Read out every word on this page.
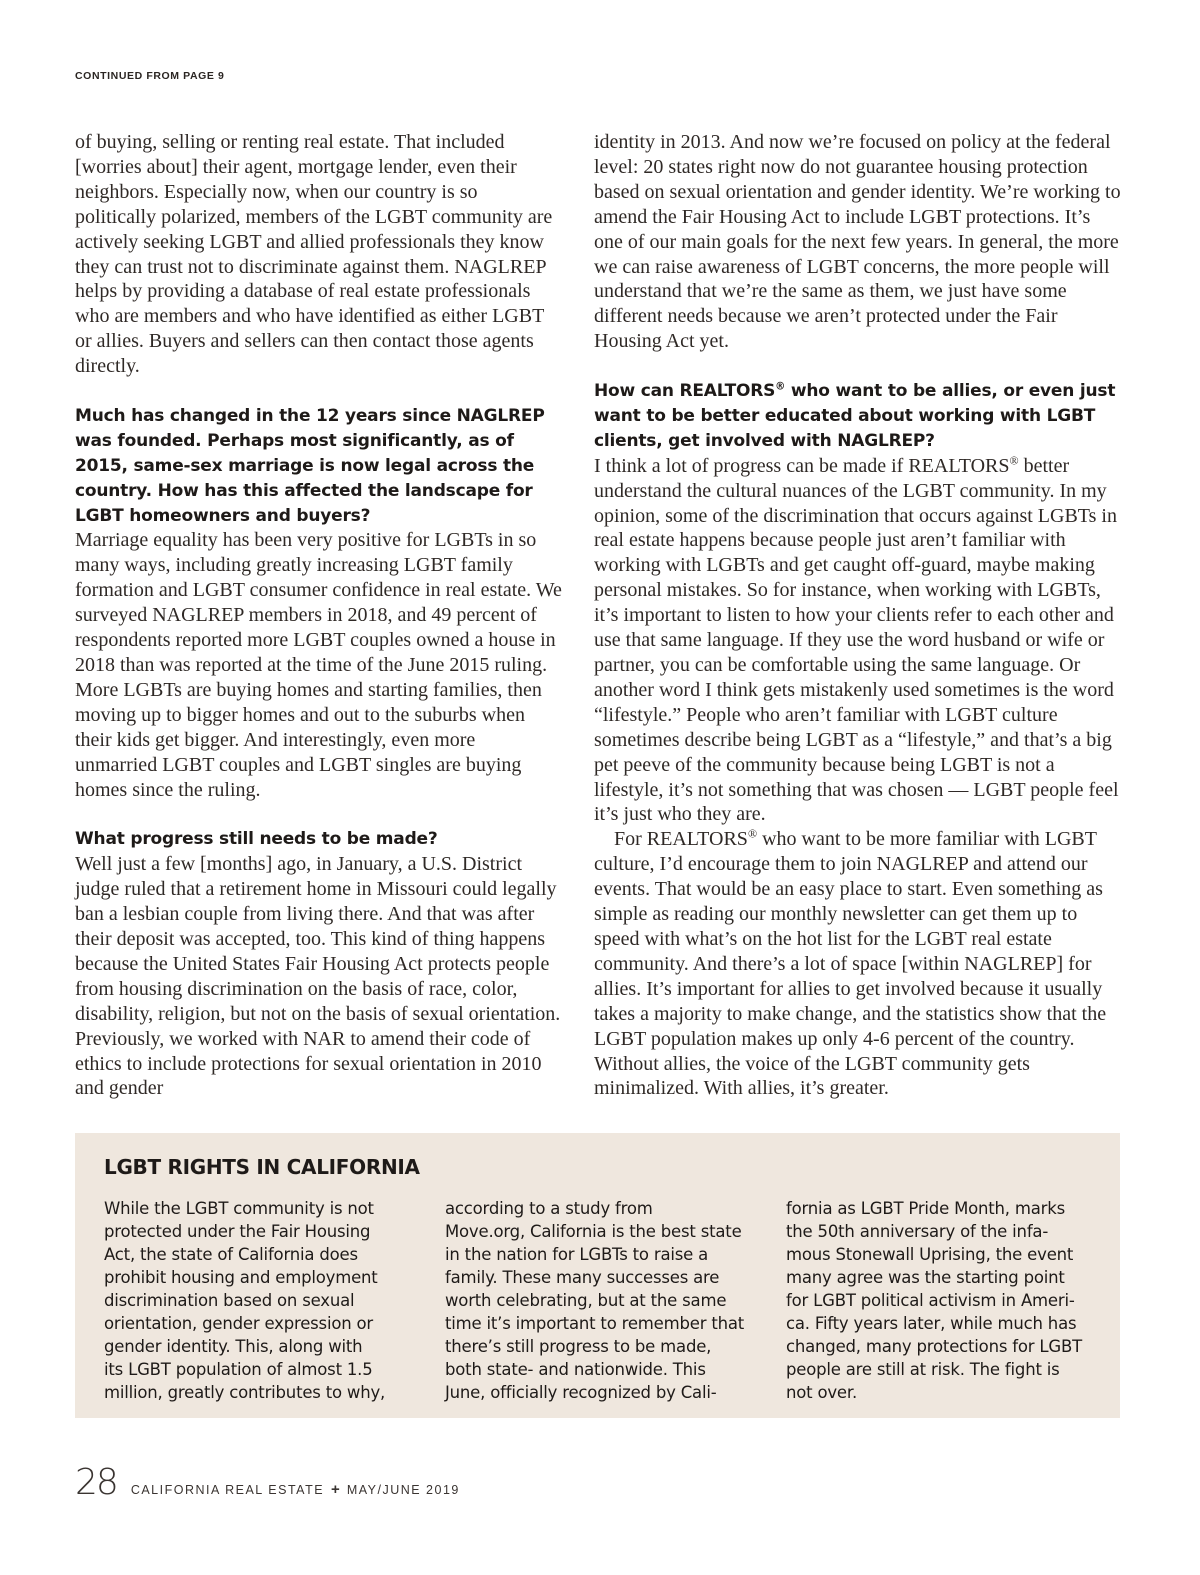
CONTINUED FROM PAGE 9

of buying, selling or renting real estate. That included [worries about] their agent, mortgage lender, even their neighbors. Especially now, when our country is so politically polarized, members of the LGBT community are actively seeking LGBT and allied professionals they know they can trust not to discriminate against them. NAGLREP helps by providing a database of real estate professionals who are members and who have identified as either LGBT or allies. Buyers and sellers can then contact those agents directly.

Much has changed in the 12 years since NAGLREP was founded. Perhaps most significantly, as of 2015, same-sex marriage is now legal across the country. How has this affected the landscape for LGBT homeowners and buyers?

Marriage equality has been very positive for LGBTs in so many ways, including greatly increasing LGBT family formation and LGBT consumer confidence in real estate. We surveyed NAGLREP members in 2018, and 49 percent of respondents reported more LGBT couples owned a house in 2018 than was reported at the time of the June 2015 ruling. More LGBTs are buying homes and starting families, then moving up to bigger homes and out to the suburbs when their kids get bigger. And interestingly, even more unmarried LGBT couples and LGBT singles are buying homes since the ruling.

What progress still needs to be made?

Well just a few [months] ago, in January, a U.S. District judge ruled that a retirement home in Missouri could legally ban a lesbian couple from living there. And that was after their deposit was accepted, too. This kind of thing happens because the United States Fair Housing Act protects people from housing discrimination on the basis of race, color, disability, religion, but not on the basis of sexual orientation. Previously, we worked with NAR to amend their code of ethics to include protections for sexual orientation in 2010 and gender

identity in 2013. And now we’re focused on policy at the federal level: 20 states right now do not guarantee housing protection based on sexual orientation and gender identity. We’re working to amend the Fair Housing Act to include LGBT protections. It’s one of our main goals for the next few years. In general, the more we can raise awareness of LGBT concerns, the more people will understand that we’re the same as them, we just have some different needs because we aren’t protected under the Fair Housing Act yet.

How can REALTORS® who want to be allies, or even just want to be better educated about working with LGBT clients, get involved with NAGLREP?

I think a lot of progress can be made if REALTORS® better understand the cultural nuances of the LGBT community. In my opinion, some of the discrimination that occurs against LGBTs in real estate happens because people just aren’t familiar with working with LGBTs and get caught off-guard, maybe making personal mistakes. So for instance, when working with LGBTs, it’s important to listen to how your clients refer to each other and use that same language. If they use the word husband or wife or partner, you can be comfortable using the same language. Or another word I think gets mistakenly used sometimes is the word “lifestyle.” People who aren’t familiar with LGBT culture sometimes describe being LGBT as a “lifestyle,” and that’s a big pet peeve of the community because being LGBT is not a lifestyle, it’s not something that was chosen — LGBT people feel it’s just who they are.

For REALTORS® who want to be more familiar with LGBT culture, I’d encourage them to join NAGLREP and attend our events. That would be an easy place to start. Even something as simple as reading our monthly newsletter can get them up to speed with what’s on the hot list for the LGBT real estate community. And there’s a lot of space [within NAGLREP] for allies. It’s important for allies to get involved because it usually takes a majority to make change, and the statistics show that the LGBT population makes up only 4-6 percent of the country. Without allies, the voice of the LGBT community gets minimalized. With allies, it’s greater.

LGBT RIGHTS IN CALIFORNIA
While the LGBT community is not
protected under the Fair Housing
Act, the state of California does
prohibit housing and employment
discrimination based on sexual
orientation, gender expression or
gender identity. This, along with
its LGBT population of almost 1.5
million, greatly contributes to why,
according to a study from
Move.org, California is the best state
in the nation for LGBTs to raise a
family. These many successes are
worth celebrating, but at the same
time it’s important to remember that
there’s still progress to be made,
both state- and nationwide. This
June, officially recognized by Cali-
fornia as LGBT Pride Month, marks
the 50th anniversary of the infa-
mous Stonewall Uprising, the event
many agree was the starting point
for LGBT political activism in Ameri-
ca. Fifty years later, while much has
changed, many protections for LGBT
people are still at risk. The fight is
not over.
28 CALIFORNIA REAL ESTATE + MAY/JUNE 2019
